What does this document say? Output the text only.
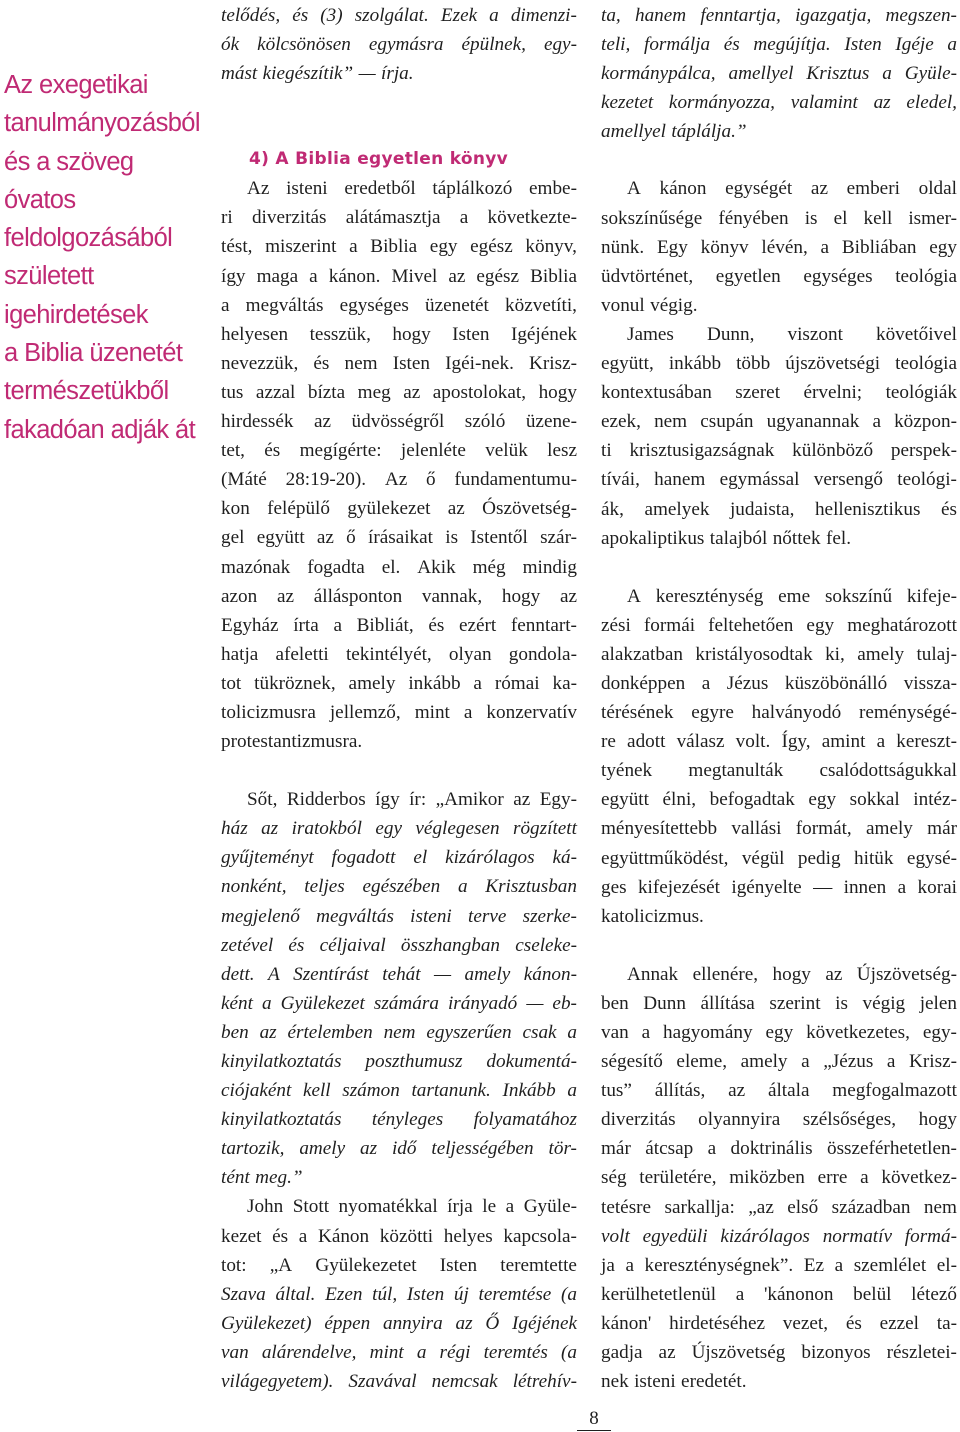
Az exegetikai
tanulmányozásból
és a szöveg
óvatos
feldolgozásából
született
igehirdetések
a Biblia üzenetét
természetükből
fakadóan adják át
telődés, és (3) szolgálat. Ezek a dimenzi-
ók kölcsönösen egymásra épülnek, egy-
mást kiegészítik” — írja.
4) A Biblia egyetlen könyv
Az isteni eredetből táplálkozó embe-
ri diverzitás alátámasztja a következte-
tést, miszerint a Biblia egy egész könyv,
így maga a kánon. Mivel az egész Biblia
a megváltás egységes üzenetét közvetíti,
helyesen tesszük, hogy Isten Igéjének
nevezzük, és nem Isten Igéi-nek. Krisz-
tus azzal bízta meg az apostolokat, hogy
hirdessék az üdvösségről szóló üzene-
tet, és megígérte: jelenléte velük lesz
(Máté 28:19-20). Az ő fundamentumu-
kon felépülő gyülekezet az Ószövetség-
gel együtt az ő írásaikat is Istentől szár-
mazónak fogadta el. Akik még mindig
azon az állásponton vannak, hogy az
Egyház írta a Bibliát, és ezért fenntart-
hatja afeletti tekintélyét, olyan gondola-
tot tükröznek, amely inkább a római ka-
tolicizmusra jellemző, mint a konzervatív
protestantizmusra.
Sőt, Ridderbos így ír: „Amikor az Egy-
ház az iratokból egy véglegesen rögzített
gyűjteményt fogadott el kizárólagos ká-
nonként, teljes egészében a Krisztusban
megjelenő megváltás isteni terve szerke-
zetével és céljaival összhangban cseleke-
dett. A Szentírást tehát — amely kánon-
ként a Gyülekezet számára irányadó — eb-
ben az értelemben nem egyszerűen csak a
kinyilatkoztatás poszthumusz dokumentá-
ciójaként kell számon tartanunk. Inkább a
kinyilatkoztatás tényleges folyamatához
tartozik, amely az idő teljességében tör-
tént meg.”
John Stott nyomatékkal írja le a Gyüle-
kezet és a Kánon közötti helyes kapcsola-
tot: „A Gyülekezetet Isten teremtette
Szava által. Ezen túl, Isten új teremtése (a
Gyülekezet) éppen annyira az Ő Igéjének
van alárendelve, mint a régi teremtés (a
világegyetem). Szavával nemcsak létrehív-
ta, hanem fenntartja, igazgatja, megszen-
teli, formálja és megújítja. Isten Igéje a
kormánypálca, amellyel Krisztus a Gyüle-
kezetet kormányozza, valamint az eledel,
amellyel táplálja.”
A kánon egységét az emberi oldal
sokszínűsége fényében is el kell ismer-
nünk. Egy könyv lévén, a Bibliában egy
üdvtörténet, egyetlen egységes teológia
vonul végig.
James Dunn, viszont követőivel
együtt, inkább több újszövetségi teológia
kontextusában szeret érvelni; teológiák
ezek, nem csupán ugyanannak a közpon-
ti krisztusigazságnak különböző perspek-
tívái, hanem egymással versengő teológi-
ák, amelyek judaista, hellenisztikus és
apokaliptikus talajból nőttek fel.
A kereszténység eme sokszínű kifeje-
zési formái feltehetően egy meghatározott
alakzatban kristályosodtak ki, amely tulaj-
donképpen a Jézus küszöbönálló vissza-
térésének egyre halványodó reménységé-
re adott válasz volt. Így, amint a kereszt-
tyének megtanulták csalódottságukkal
együtt élni, befogadtak egy sokkal intéz-
ményesítettebb vallási formát, amely már
együttműködést, végül pedig hitük egysé-
ges kifejezését igényelte — innen a korai
katolicizmus.
Annak ellenére, hogy az Újszövetség-
ben Dunn állítása szerint is végig jelen
van a hagyomány egy következetes, egy-
ségesítő eleme, amely a „Jézus a Krisz-
tus” állítás, az általa megfogalmazott
diverzitás olyannyira szélsőséges, hogy
már átcsap a doktrinális összeférhetetlen-
ség területére, miközben erre a következ-
tetésre sarkallja: „az első században nem
volt egyedüli kizárólagos normatív formá-
ja a kereszténységnek”. Ez a szemlélet el-
kerülhetetlenül a 'kánonon belül létező
kánon' hirdetéséhez vezet, és ezzel ta-
gadja az Újszövetség bizonyos részletei-
nek isteni eredetét.
8
